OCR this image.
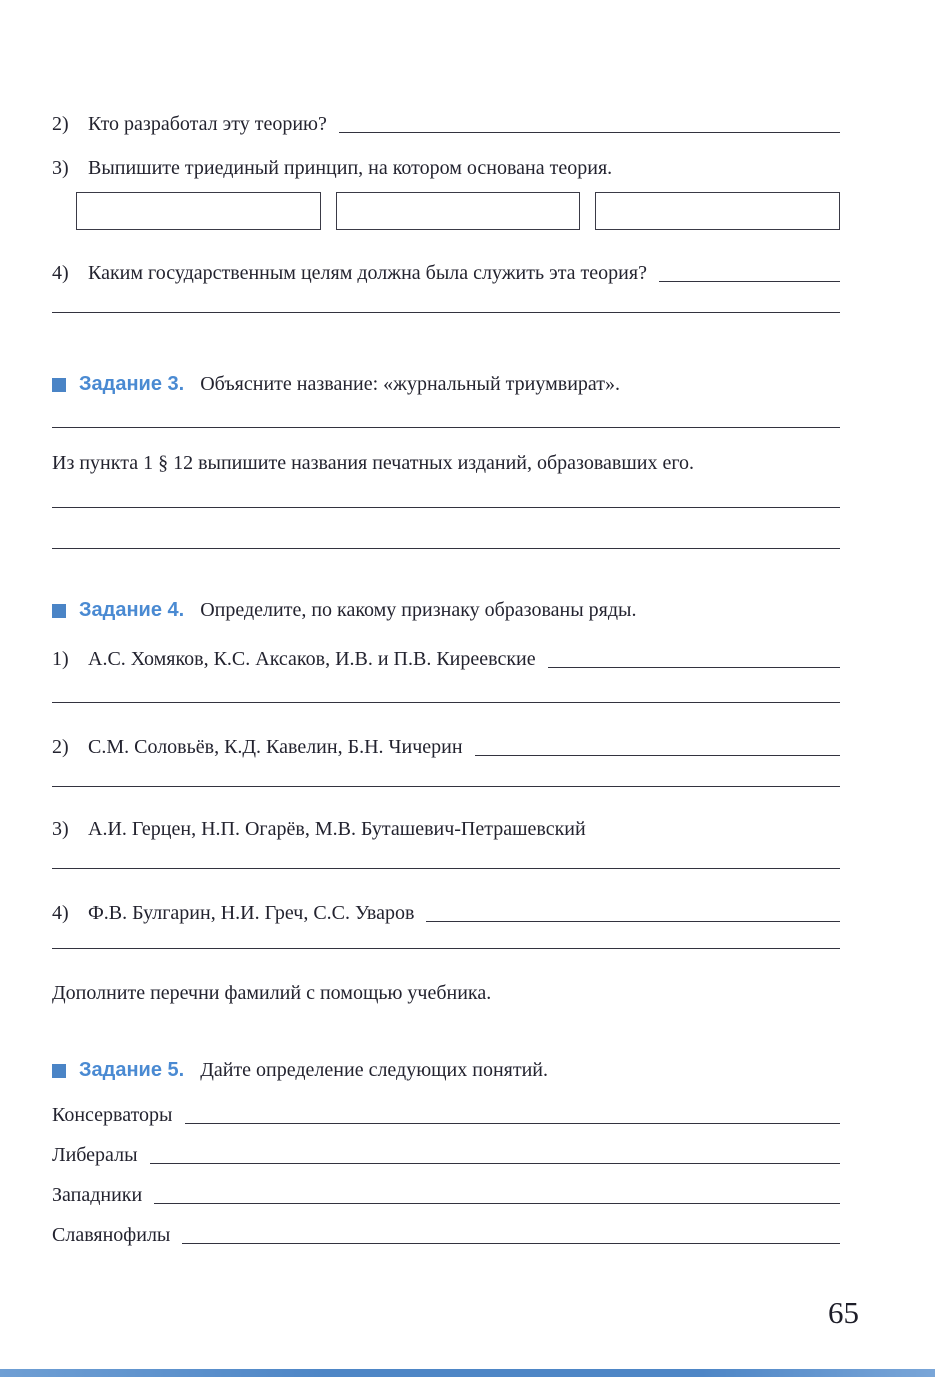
2) Кто разработал эту теорию?
3) Выпишите триединый принцип, на котором основана теория.
4) Каким государственным целям должна была служить эта теория?
Задание 3. Объясните название: «журнальный триумвират».
Из пункта 1 § 12 выпишите названия печатных изданий, образовавших его.
Задание 4. Определите, по какому признаку образованы ряды.
1) А.С. Хомяков, К.С. Аксаков, И.В. и П.В. Киреевские
2) С.М. Соловьёв, К.Д. Кавелин, Б.Н. Чичерин
3) А.И. Герцен, Н.П. Огарёв, М.В. Буташевич-Петрашевский
4) Ф.В. Булгарин, Н.И. Греч, С.С. Уваров
Дополните перечни фамилий с помощью учебника.
Задание 5. Дайте определение следующих понятий.
Консерваторы
Либералы
Западники
Славянофилы
65
